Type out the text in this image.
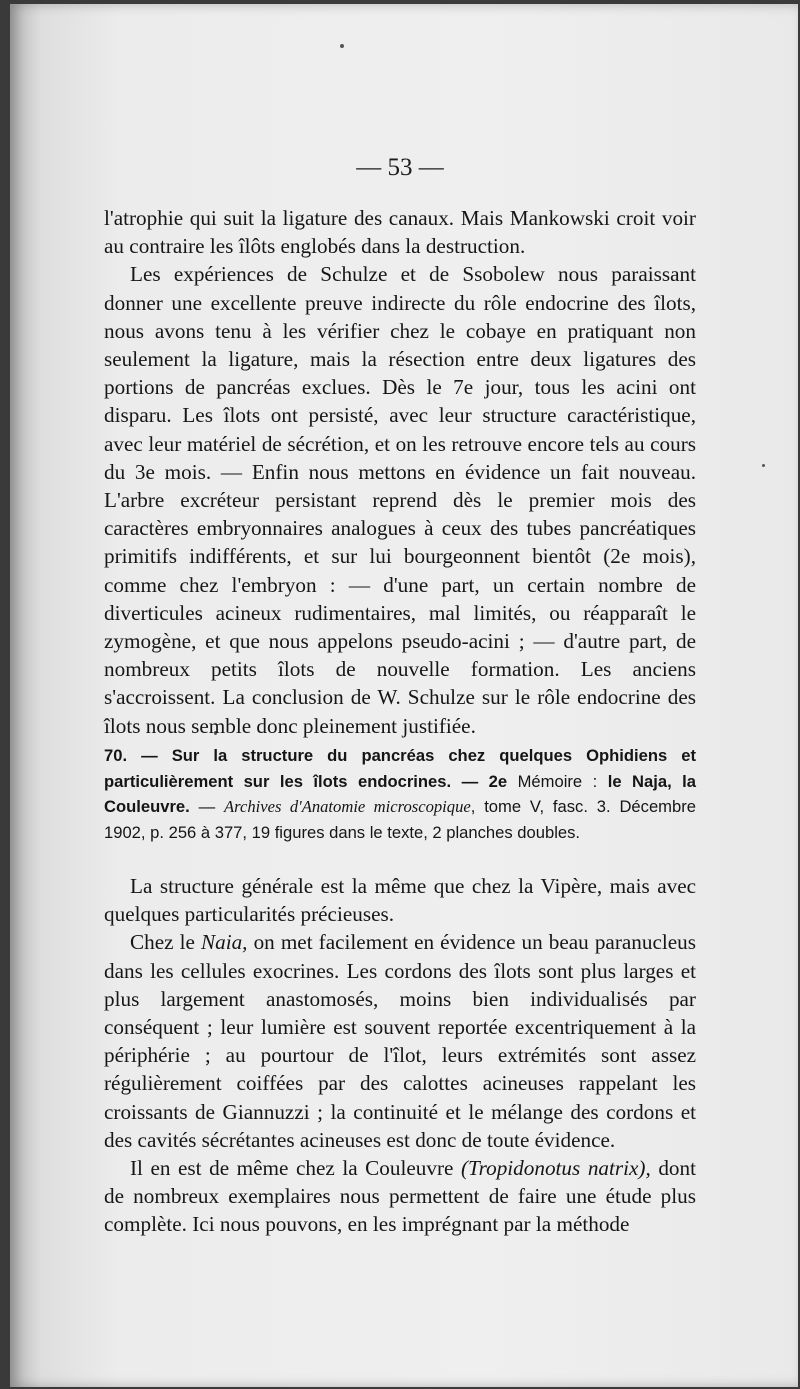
— 53 —

l'atrophie qui suit la ligature des canaux. Mais Mankowski croit voir au contraire les îlôts englobés dans la destruction.

Les expériences de Schulze et de Ssobolew nous paraissant donner une excellente preuve indirecte du rôle endocrine des îlots, nous avons tenu à les vérifier chez le cobaye en pratiquant non seulement la ligature, mais la résection entre deux ligatures des portions de pancréas exclues. Dès le 7e jour, tous les acini ont disparu. Les îlots ont persisté, avec leur structure caractéristique, avec leur matériel de sécrétion, et on les retrouve encore tels au cours du 3e mois. — Enfin nous mettons en évidence un fait nouveau. L'arbre excréteur persistant reprend dès le premier mois des caractères embryonnaires analogues à ceux des tubes pancréatiques primitifs indifférents, et sur lui bourgeonnent bientôt (2e mois), comme chez l'embryon : — d'une part, un certain nombre de diverticules acineux rudimentaires, mal limités, ou réapparaît le zymogène, et que nous appelons pseudo-acini ; — d'autre part, de nombreux petits îlots de nouvelle formation. Les anciens s'accroissent. La conclusion de W. Schulze sur le rôle endocrine des îlots nous semble donc pleinement justifiée.

70. — Sur la structure du pancréas chez quelques Ophidiens et particulièrement sur les îlots endocrines. — 2e Mémoire : le Naja, la Couleuvre. — Archives d'Anatomie microscopique, tome V, fasc. 3. Décembre 1902, p. 256 à 377, 19 figures dans le texte, 2 planches doubles.

La structure générale est la même que chez la Vipère, mais avec quelques particularités précieuses.

Chez le Naia, on met facilement en évidence un beau paranucleus dans les cellules exocrines. Les cordons des îlots sont plus larges et plus largement anastomosés, moins bien individualisés par conséquent ; leur lumière est souvent reportée excentriquement à la périphérie ; au pourtour de l'îlot, leurs extrémités sont assez régulièrement coiffées par des calottes acineuses rappelant les croissants de Giannuzzi ; la continuité et le mélange des cordons et des cavités sécrétantes acineuses est donc de toute évidence.

Il en est de même chez la Couleuvre (Tropidonotus natrix), dont de nombreux exemplaires nous permettent de faire une étude plus complète. Ici nous pouvons, en les imprégnant par la méthode
